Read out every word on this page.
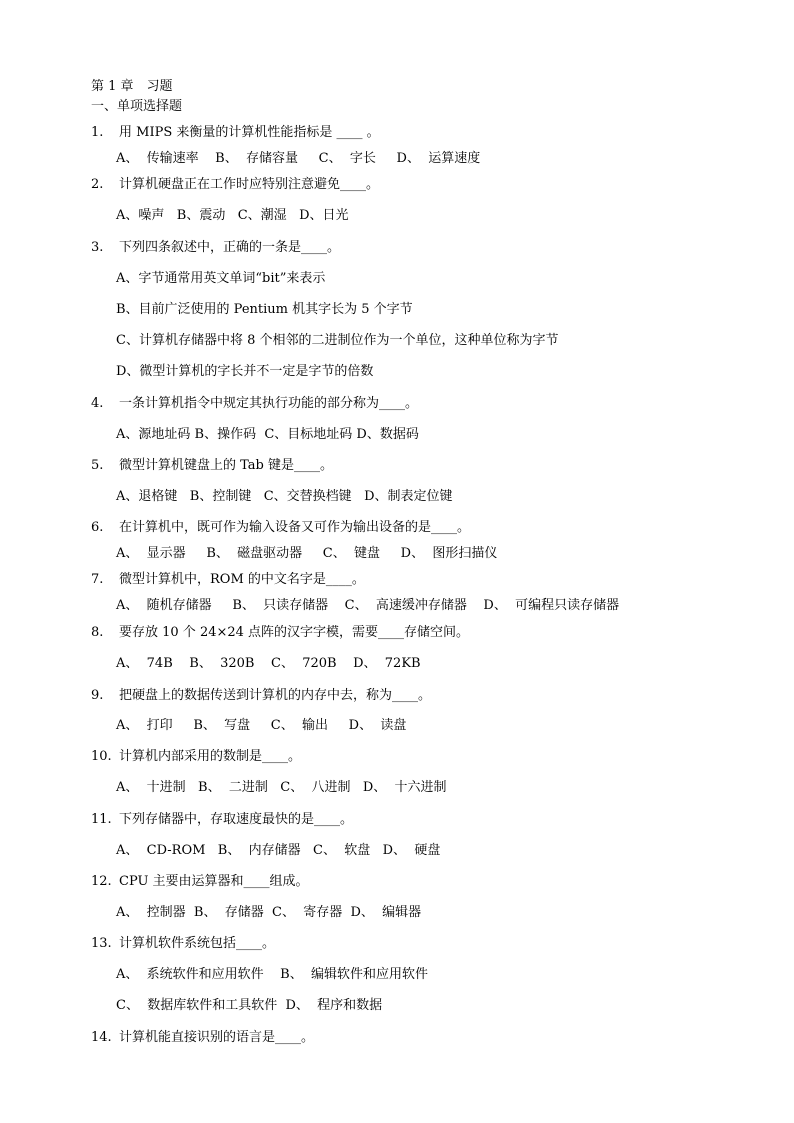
第 1 章　习题
一、单项选择题
1. 用 MIPS 来衡量的计算机性能指标是 ____ 。
A、  传输速率    B、  存储容量     C、  字长     D、  运算速度
2. 计算机硬盘正在工作时应特别注意避免____。
A、噪声   B、震动   C、潮湿   D、日光
3. 下列四条叙述中，正确的一条是____。
A、字节通常用英文单词“bit”来表示
B、目前广泛使用的 Pentium 机其字长为 5 个字节
C、计算机存储器中将 8 个相邻的二进制位作为一个单位，这种单位称为字节
D、微型计算机的字长并不一定是字节的倍数
4. 一条计算机指令中规定其执行功能的部分称为____。
A、源地址码 B、操作码  C、目标地址码 D、数据码
5. 微型计算机键盘上的 Tab 键是____。
A、退格键   B、控制键   C、交替换档键   D、制表定位键
6. 在计算机中，既可作为输入设备又可作为输出设备的是____。
A、  显示器     B、  磁盘驱动器     C、  键盘     D、  图形扫描仪
7. 微型计算机中，ROM 的中文名字是____。
A、  随机存储器     B、  只读存储器    C、  高速缓冲存储器    D、  可编程只读存储器
8. 要存放 10 个 24×24 点阵的汉字字模，需要____存储空间。
A、  74B    B、  320B    C、  720B    D、  72KB
9. 把硬盘上的数据传送到计算机的内存中去，称为____。
A、  打印     B、  写盘     C、  输出     D、  读盘
10. 计算机内部采用的数制是____。
A、  十进制   B、  二进制   C、  八进制   D、  十六进制
11. 下列存储器中，存取速度最快的是____。
A、  CD-ROM   B、  内存储器   C、  软盘   D、  硬盘
12. CPU 主要由运算器和____组成。
A、  控制器  B、  存储器  C、  寄存器  D、  编辑器
13. 计算机软件系统包括____。
A、  系统软件和应用软件    B、  编辑软件和应用软件
C、  数据库软件和工具软件  D、  程序和数据
14. 计算机能直接识别的语言是____。
